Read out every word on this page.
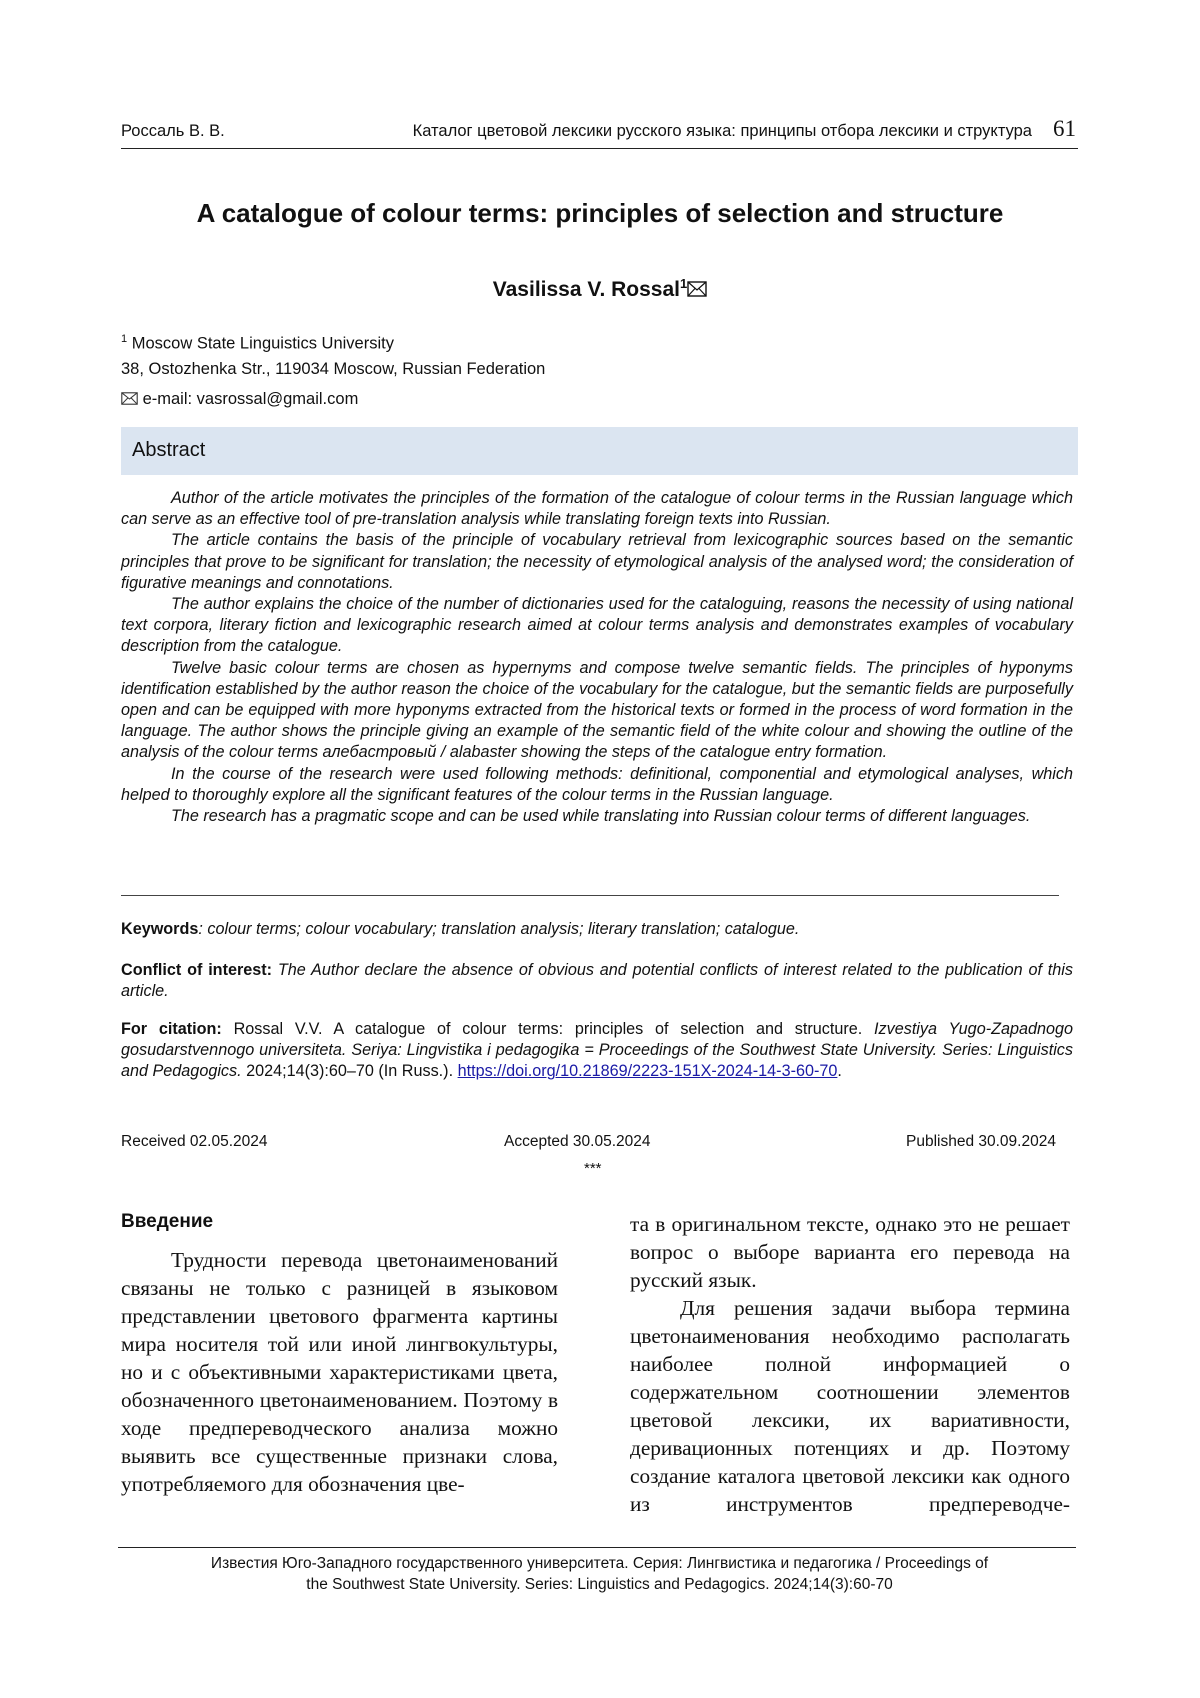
Россаль В. В.	Каталог цветовой лексики русского языка: принципы отбора лексики и структура 61
A catalogue of colour terms: principles of selection and structure
Vasilissa V. Rossal$^1$
$^1$ Moscow State Linguistics University
38, Ostozhenka Str., 119034 Moscow, Russian Federation
e-mail: vasrossal@gmail.com
Abstract

Author of the article motivates the principles of the formation of the catalogue of colour terms in the Russian language which can serve as an effective tool of pre-translation analysis while translating foreign texts into Russian.

The article contains the basis of the principle of vocabulary retrieval from lexicographic sources based on the semantic principles that prove to be significant for translation; the necessity of etymological analysis of the analysed word; the consideration of figurative meanings and connotations.

The author explains the choice of the number of dictionaries used for the cataloguing, reasons the necessity of using national text corpora, literary fiction and lexicographic research aimed at colour terms analysis and demonstrates examples of vocabulary description from the catalogue.

Twelve basic colour terms are chosen as hypernyms and compose twelve semantic fields. The principles of hyponyms identification established by the author reason the choice of the vocabulary for the catalogue, but the semantic fields are purposefully open and can be equipped with more hyponyms extracted from the historical texts or formed in the process of word formation in the language. The author shows the principle giving an example of the semantic field of the white colour and showing the outline of the analysis of the colour terms алебастровый / alabaster showing the steps of the catalogue entry formation.

In the course of the research were used following methods: definitional, componential and etymological analyses, which helped to thoroughly explore all the significant features of the colour terms in the Russian language.

The research has a pragmatic scope and can be used while translating into Russian colour terms of different languages.

Keywords: colour terms; colour vocabulary; translation analysis; literary translation; catalogue.
Conflict of interest: The Author declare the absence of obvious and potential conflicts of interest related to the publication of this article.
For citation: Rossal V.V. A catalogue of colour terms: principles of selection and structure. Izvestiya Yugo-Zapadnogo gosudarstvennogo universiteta. Seriya: Lingvistika i pedagogika = Proceedings of the Southwest State University. Series: Linguistics and Pedagogics. 2024;14(3):60–70 (In Russ.). https://doi.org/10.21869/2223-151X-2024-14-3-60-70.
Received 02.05.2024	Accepted 30.05.2024	Published 30.09.2024
***
Введение

Трудности перевода цветонаименований связаны не только с разницей в языковом представлении цветового фрагмента картины мира носителя той или иной лингвокультуры, но и с объективными характеристиками цвета, обозначенного цветонаименованием. Поэтому в ходе предпереводческого анализа можно выявить все существенные признаки слова, употребляемого для обозначения цве-

та в оригинальном тексте, однако это не решает вопрос о выборе варианта его перевода на русский язык.

Для решения задачи выбора термина цветонаименования необходимо располагать наиболее полной информацией о содержательном соотношении элементов цветовой лексики, их вариативности, деривационных потенциях и др. Поэтому создание каталога цветовой лексики как одного из инструментов предпереводче-

Известия Юго-Западного государственного университета. Серия: Лингвистика и педагогика / Proceedings of
the Southwest State University. Series: Linguistics and Pedagogics. 2024;14(3):60-70
